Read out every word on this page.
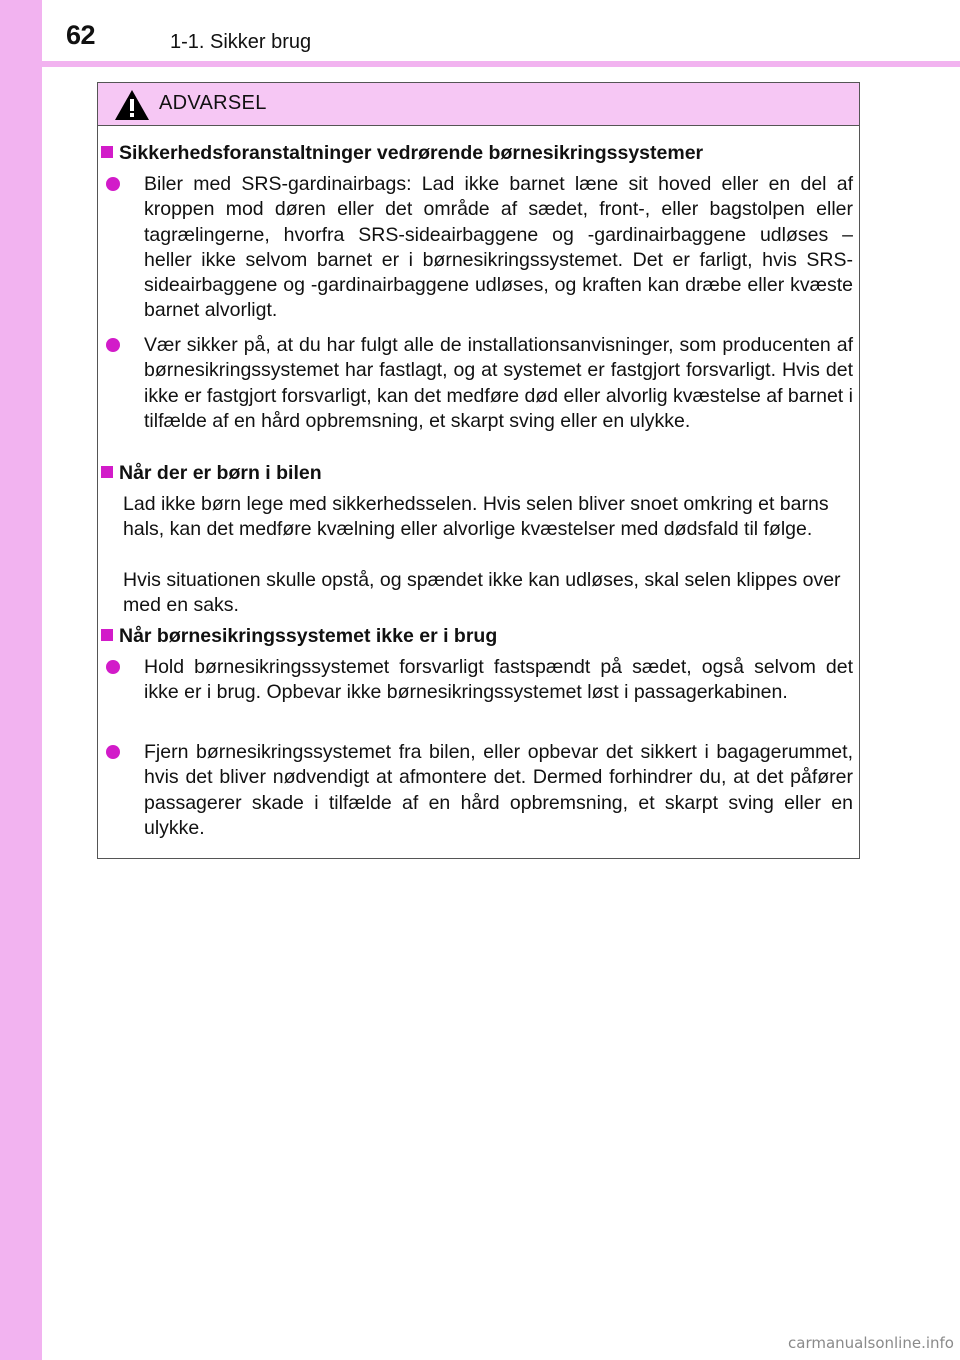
62	1-1. Sikker brug
ADVARSEL
Sikkerhedsforanstaltninger vedrørende børnesikringssystemer
Biler med SRS-gardinairbags: Lad ikke barnet læne sit hoved eller en del af kroppen mod døren eller det område af sædet, front-, eller bagstolpen eller tagrælingerne, hvorfra SRS-sideairbaggene og -gardinairbaggene udløses – heller ikke selvom barnet er i børnesikringssystemet. Det er farligt, hvis SRS-sideairbaggene og -gardinairbaggene udløses, og kraften kan dræbe eller kvæste barnet alvorligt.
Vær sikker på, at du har fulgt alle de installationsanvisninger, som producenten af børnesikringssystemet har fastlagt, og at systemet er fastgjort forsvarligt. Hvis det ikke er fastgjort forsvarligt, kan det medføre død eller alvorlig kvæstelse af barnet i tilfælde af en hård opbremsning, et skarpt sving eller en ulykke.
Når der er børn i bilen
Lad ikke børn lege med sikkerhedsselen. Hvis selen bliver snoet omkring et barns hals, kan det medføre kvælning eller alvorlige kvæstelser med dødsfald til følge.
Hvis situationen skulle opstå, og spændet ikke kan udløses, skal selen klippes over med en saks.
Når børnesikringssystemet ikke er i brug
Hold børnesikringssystemet forsvarligt fastspændt på sædet, også selvom det ikke er i brug. Opbevar ikke børnesikringssystemet løst i passagerkabinen.
Fjern børnesikringssystemet fra bilen, eller opbevar det sikkert i bagagerummet, hvis det bliver nødvendigt at afmontere det. Dermed forhindrer du, at det påfører passagerer skade i tilfælde af en hård opbremsning, et skarpt sving eller en ulykke.
carmanualsonline.info
